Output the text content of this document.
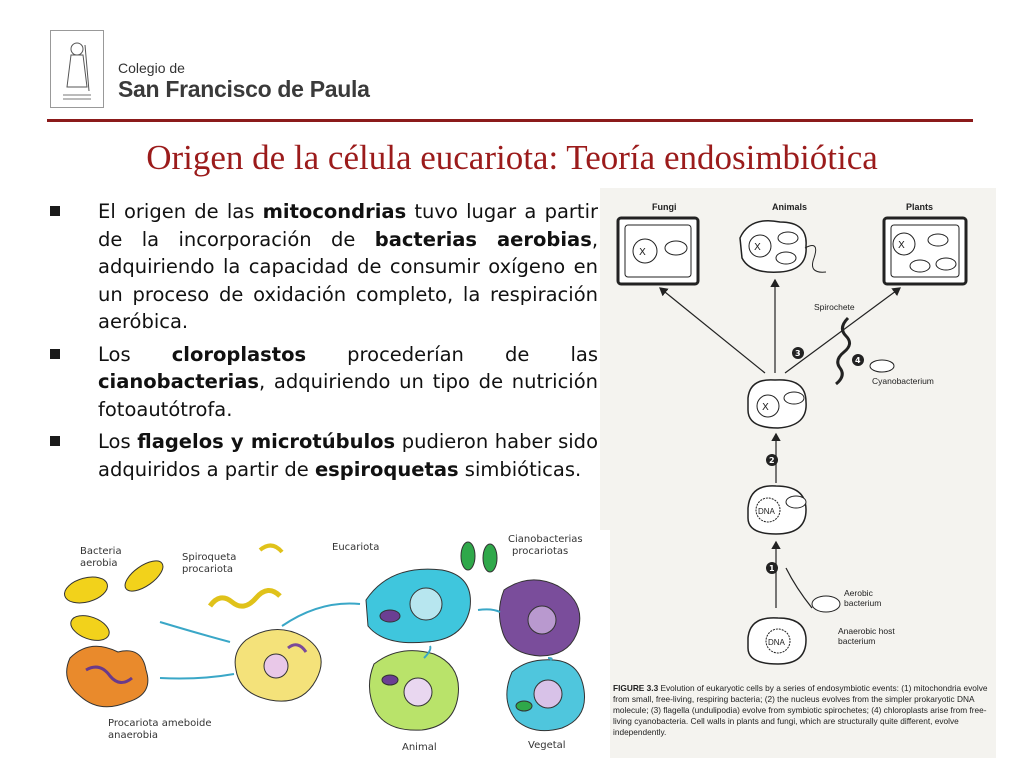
Colegio de
San Francisco de Paula
Origen de la célula eucariota: Teoría endosimbiótica
El origen de las mitocondrias tuvo lugar a partir de la incorporación de bacterias aerobias, adquiriendo la capacidad de consumir oxígeno en un proceso de oxidación completo, la respiración aeróbica.
Los cloroplastos procederían de las cianobacterias, adquiriendo un tipo de nutrición fotoautótrofa.
Los flagelos y microtúbulos pudieron haber sido adquiridos a partir de espiroquetas simbióticas.
Fungi	Animals	Plants
X	X	X
Spirochete
Cyanobacterium
3
4
X
2
DNA
1
Aerobic
bacterium
DNA
Anaerobic host
bacterium
FIGURE 3.3 Evolution of eukaryotic cells by a series of endosymbiotic events: (1) mitochondria evolve from small, free-living, respiring bacteria; (2) the nucleus evolves from the simpler prokaryotic DNA molecule; (3) flagella (undulipodia) evolve from symbiotic spirochetes; (4) chloroplasts arise from free-living cyanobacteria. Cell walls in plants and fungi, which are structurally quite different, evolve independently.
Bacteria
aerobia
Spiroqueta
procariota
Eucariota
Cianobacterias
procariotas
Procariota ameboide
anaerobia
Animal	Vegetal
